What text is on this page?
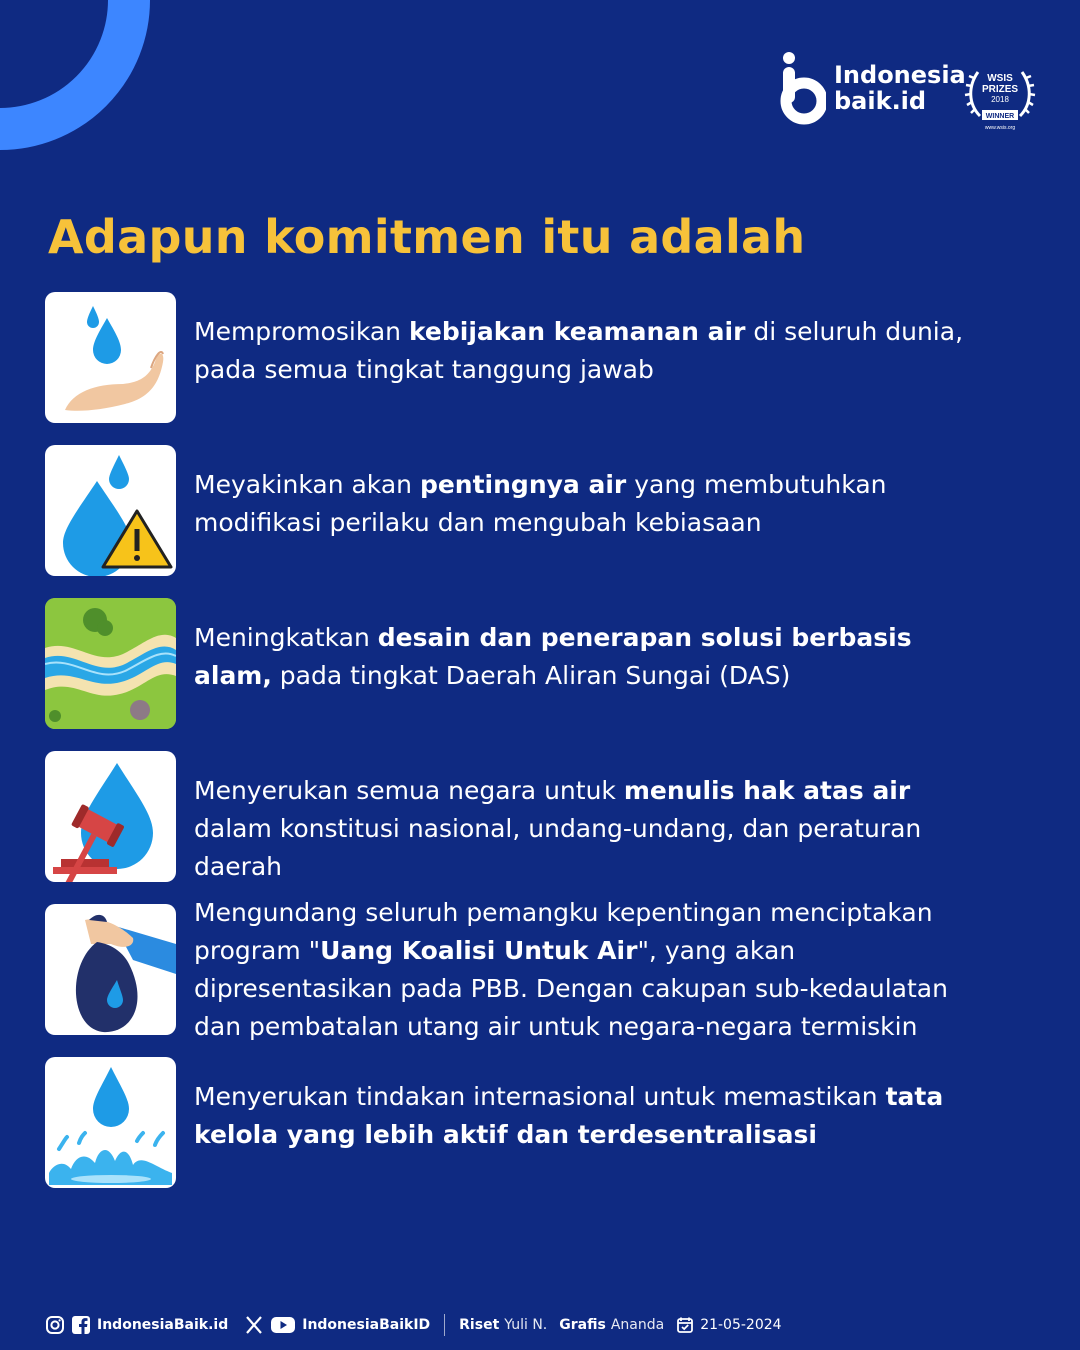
Indonesia
baik.id
WSIS
PRIZES
2018
WINNER
www.wsis.org
Adapun komitmen itu adalah

Mempromosikan kebijakan keamanan air di seluruh dunia, pada semua tingkat tanggung jawab

Meyakinkan akan pentingnya air yang membutuhkan modifikasi perilaku dan mengubah kebiasaan

Meningkatkan desain dan penerapan solusi berbasis alam, pada tingkat Daerah Aliran Sungai (DAS)

Menyerukan semua negara untuk menulis hak atas air dalam konstitusi nasional, undang-undang, dan peraturan daerah

Mengundang seluruh pemangku kepentingan menciptakan program "Uang Koalisi Untuk Air", yang akan dipresentasikan pada PBB. Dengan cakupan sub-kedaulatan dan pembatalan utang air untuk negara-negara termiskin

Menyerukan tindakan internasional untuk memastikan tata kelola yang lebih aktif dan terdesentralisasi

IndonesiaBaik.id	IndonesiaBaikID Riset Yuli N. Grafis Ananda	21-05-2024
